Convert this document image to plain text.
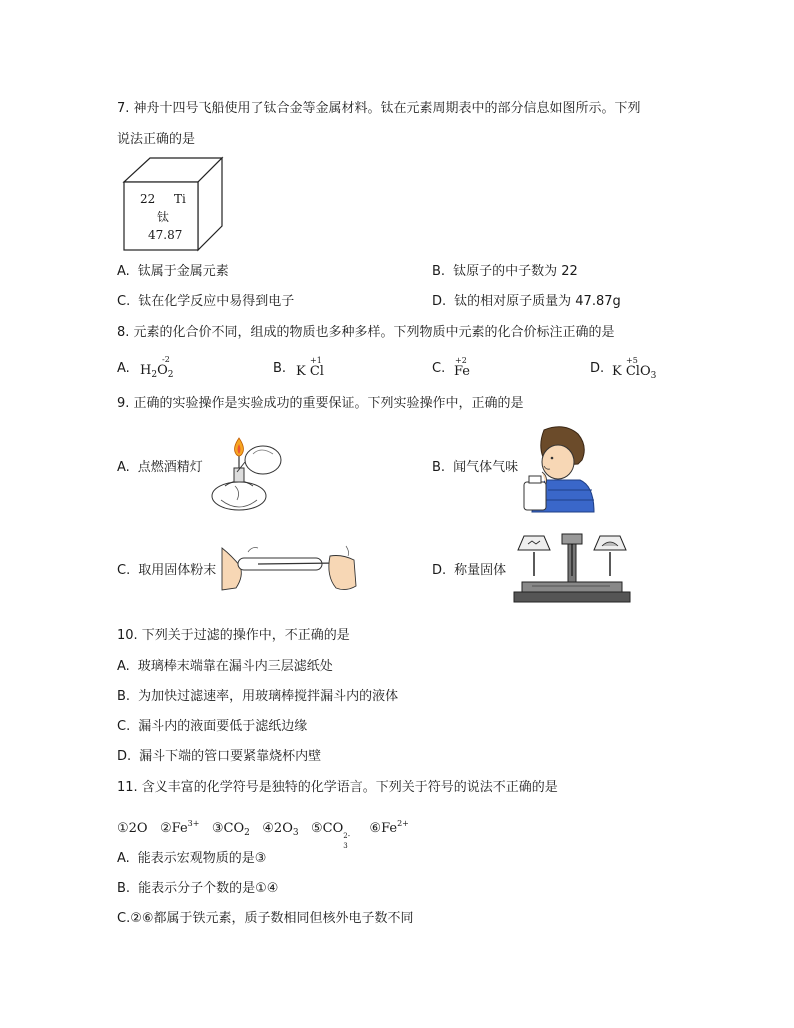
7. 神舟十四号飞船使用了钛合金等金属材料。钛在元素周期表中的部分信息如图所示。下列
说法正确的是
22 Ti
钛
47.87
A. 钛属于金属元素	B. 钛原子的中子数为 22
C. 钛在化学反应中易得到电子	D. 钛的相对原子质量为 47.87g
8. 元素的化合价不同，组成的物质也多种多样。下列物质中元素的化合价标注正确的是
A. $H_2O_2$
-2
B. K Cl
+1
C. Fe
+2
D. K ClO$_3$
+5
9. 正确的实验操作是实验成功的重要保证。下列实验操作中，正确的是
A. 点燃酒精灯	B. 闻气体气味
C. 取用固体粉末	D. 称量固体
10. 下列关于过滤的操作中，不正确的是
A. 玻璃棒末端靠在漏斗内三层滤纸处
B. 为加快过滤速率，用玻璃棒搅拌漏斗内的液体
C. 漏斗内的液面要低于滤纸边缘
D. 漏斗下端的管口要紧靠烧杯内壁
11. 含义丰富的化学符号是独特的化学语言。下列关于符号的说法不正确的是
①2O $②Fe^{3+}$ $③CO_2$ $④2O_3$ ⑤CO 2-
3
$⑥Fe^{2+}$
A. 能表示宏观物质的是③
B. 能表示分子个数的是①④
C.②⑥都属于铁元素，质子数相同但核外电子数不同
